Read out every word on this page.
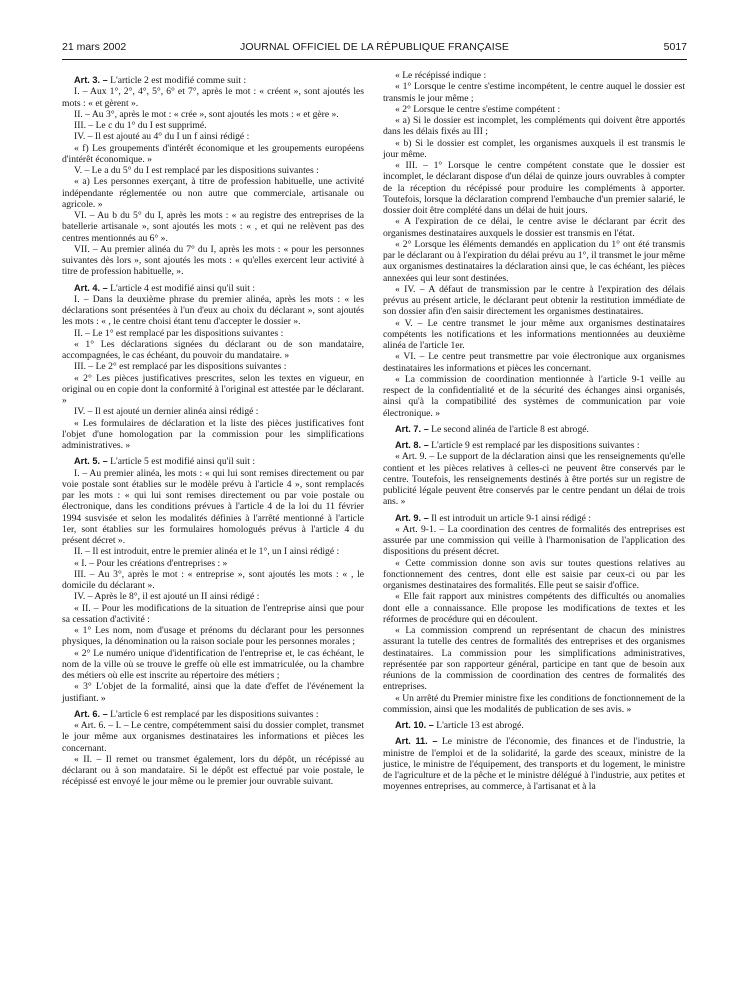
21 mars 2002	JOURNAL OFFICIEL DE LA RÉPUBLIQUE FRANÇAISE	5017

Art. 3. – L'article 2 est modifié comme suit :

I. – Aux 1°, 2°, 4°, 5°, 6° et 7°, après le mot : « créent », sont ajoutés les mots : « et gèrent ».

II. – Au 3°, après le mot : « crée », sont ajoutés les mots : « et gère ».

III. – Le c du 1° du I est supprimé.

IV. – Il est ajouté au 4° du I un f ainsi rédigé :

« f) Les groupements d'intérêt économique et les groupements européens d'intérêt économique. »

V. – Le a du 5° du I est remplacé par les dispositions suivantes :

« a) Les personnes exerçant, à titre de profession habituelle, une activité indépendante réglementée ou non autre que commerciale, artisanale ou agricole. »

VI. – Au b du 5° du I, après les mots : « au registre des entreprises de la batellerie artisanale », sont ajoutés les mots : « , et qui ne relèvent pas des centres mentionnés au 6° ».

VII. – Au premier alinéa du 7° du I, après les mots : « pour les personnes suivantes dès lors », sont ajoutés les mots : « qu'elles exercent leur activité à titre de profession habituelle, ».

Art. 4. – L'article 4 est modifié ainsi qu'il suit :

I. – Dans la deuxième phrase du premier alinéa, après les mots : « les déclarations sont présentées à l'un d'eux au choix du déclarant », sont ajoutés les mots : « , le centre choisi étant tenu d'accepter le dossier ».

II. – Le 1° est remplacé par les dispositions suivantes :

« 1° Les déclarations signées du déclarant ou de son mandataire, accompagnées, le cas échéant, du pouvoir du mandataire. »

III. – Le 2° est remplacé par les dispositions suivantes :

« 2° Les pièces justificatives prescrites, selon les textes en vigueur, en original ou en copie dont la conformité à l'original est attestée par le déclarant. »

IV. – Il est ajouté un dernier alinéa ainsi rédigé :

« Les formulaires de déclaration et la liste des pièces justificatives font l'objet d'une homologation par la commission pour les simplifications administratives. »

Art. 5. – L'article 5 est modifié ainsi qu'il suit :

I. – Au premier alinéa, les mots : « qui lui sont remises directement ou par voie postale sont établies sur le modèle prévu à l'article 4 », sont remplacés par les mots : « qui lui sont remises directement ou par voie postale ou électronique, dans les conditions prévues à l'article 4 de la loi du 11 février 1994 susvisée et selon les modalités définies à l'arrêté mentionné à l'article 1er, sont établies sur les formulaires homologués prévus à l'article 4 du présent décret ».

II. – Il est introduit, entre le premier alinéa et le 1°, un I ainsi rédigé :

« I. – Pour les créations d'entreprises : »

III. – Au 3°, après le mot : « entreprise », sont ajoutés les mots : « , le domicile du déclarant ».

IV. – Après le 8°, il est ajouté un II ainsi rédigé :

« II. – Pour les modifications de la situation de l'entreprise ainsi que pour sa cessation d'activité :

« 1° Les nom, nom d'usage et prénoms du déclarant pour les personnes physiques, la dénomination ou la raison sociale pour les personnes morales ;

« 2° Le numéro unique d'identification de l'entreprise et, le cas échéant, le nom de la ville où se trouve le greffe où elle est immatriculée, ou la chambre des métiers où elle est inscrite au répertoire des métiers ;

« 3° L'objet de la formalité, ainsi que la date d'effet de l'événement la justifiant. »

Art. 6. – L'article 6 est remplacé par les dispositions suivantes :

« Art. 6. – I. – Le centre, compétemment saisi du dossier complet, transmet le jour même aux organismes destinataires les informations et pièces les concernant.

« II. – Il remet ou transmet également, lors du dépôt, un récépissé au déclarant ou à son mandataire. Si le dépôt est effectué par voie postale, le récépissé est envoyé le jour même ou le premier jour ouvrable suivant.

« Le récépissé indique :

« 1° Lorsque le centre s'estime incompétent, le centre auquel le dossier est transmis le jour même ;

« 2° Lorsque le centre s'estime compétent :

« a) Si le dossier est incomplet, les compléments qui doivent être apportés dans les délais fixés au III ;

« b) Si le dossier est complet, les organismes auxquels il est transmis le jour même.

« III. – 1° Lorsque le centre compétent constate que le dossier est incomplet, le déclarant dispose d'un délai de quinze jours ouvrables à compter de la réception du récépissé pour produire les compléments à apporter. Toutefois, lorsque la déclaration comprend l'embauche d'un premier salarié, le dossier doit être complété dans un délai de huit jours.

« A l'expiration de ce délai, le centre avise le déclarant par écrit des organismes destinataires auxquels le dossier est transmis en l'état.

« 2° Lorsque les éléments demandés en application du 1° ont été transmis par le déclarant ou à l'expiration du délai prévu au 1°, il transmet le jour même aux organismes destinataires la déclaration ainsi que, le cas échéant, les pièces annexées qui leur sont destinées.

« IV. – A défaut de transmission par le centre à l'expiration des délais prévus au présent article, le déclarant peut obtenir la restitution immédiate de son dossier afin d'en saisir directement les organismes destinataires.

« V. – Le centre transmet le jour même aux organismes destinataires compétents les notifications et les informations mentionnées au deuxième alinéa de l'article 1er.

« VI. – Le centre peut transmettre par voie électronique aux organismes destinataires les informations et pièces les concernant.

« La commission de coordination mentionnée à l'article 9-1 veille au respect de la confidentialité et de la sécurité des échanges ainsi organisés, ainsi qu'à la compatibilité des systèmes de communication par voie électronique. »

Art. 7. – Le second alinéa de l'article 8 est abrogé.

Art. 8. – L'article 9 est remplacé par les dispositions suivantes :

« Art. 9. – Le support de la déclaration ainsi que les renseignements qu'elle contient et les pièces relatives à celles-ci ne peuvent être conservés par le centre. Toutefois, les renseignements destinés à être portés sur un registre de publicité légale peuvent être conservés par le centre pendant un délai de trois ans. »

Art. 9. – Il est introduit un article 9-1 ainsi rédigé :

« Art. 9-1. – La coordination des centres de formalités des entreprises est assurée par une commission qui veille à l'harmonisation de l'application des dispositions du présent décret.

« Cette commission donne son avis sur toutes questions relatives au fonctionnement des centres, dont elle est saisie par ceux-ci ou par les organismes destinataires des formalités. Elle peut se saisir d'office.

« Elle fait rapport aux ministres compétents des difficultés ou anomalies dont elle a connaissance. Elle propose les modifications de textes et les réformes de procédure qui en découlent.

« La commission comprend un représentant de chacun des ministres assurant la tutelle des centres de formalités des entreprises et des organismes destinataires. La commission pour les simplifications administratives, représentée par son rapporteur général, participe en tant que de besoin aux réunions de la commission de coordination des centres de formalités des entreprises.

« Un arrêté du Premier ministre fixe les conditions de fonctionnement de la commission, ainsi que les modalités de publication de ses avis. »

Art. 10. – L'article 13 est abrogé.

Art. 11. – Le ministre de l'économie, des finances et de l'industrie, la ministre de l'emploi et de la solidarité, la garde des sceaux, ministre de la justice, le ministre de l'équipement, des transports et du logement, le ministre de l'agriculture et de la pêche et le ministre délégué à l'industrie, aux petites et moyennes entreprises, au commerce, à l'artisanat et à la
